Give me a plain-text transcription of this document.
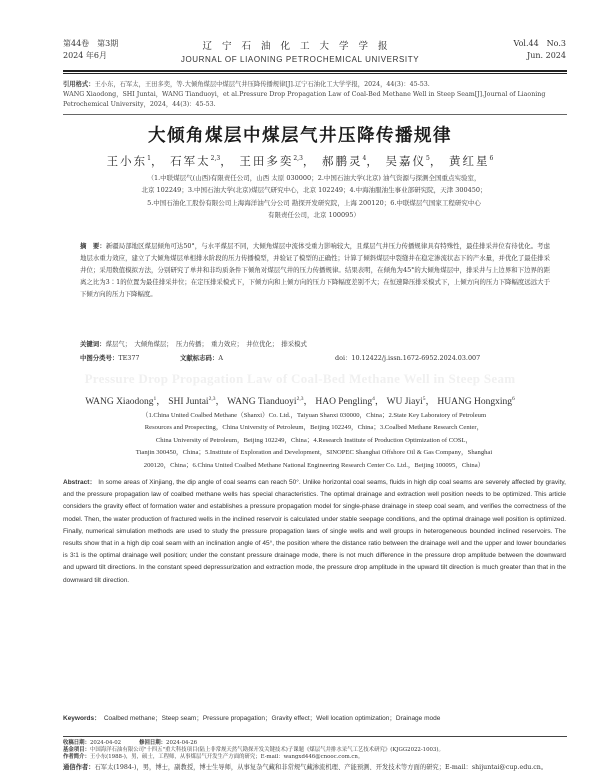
第44卷　第3期
2024 年6月
辽宁石油化工大学学报
JOURNAL OF LIAONING PETROCHEMICAL UNIVERSITY
Vol.44　No.3
Jun. 2024
引用格式：王小东，石军太，王田多奕，等.大倾角煤层中煤层气井压降传播规律[J].辽宁石油化工大学学报，2024，44(3)：45-53.
WANG Xiaodong，SHI Juntai，WANG Tianduoyi，et al.Pressure Drop Propagation Law of Coal-Bed Methane Well in Steep Seam[J].Journal of Liaoning Petrochemical University，2024，44(3)：45-53.
大倾角煤层中煤层气井压降传播规律
王小东$^1$， 石军太$^{2,3}$， 王田多奕$^{2,3}$， 郝鹏灵$^4$， 吴嘉仪$^5$， 黄红星$^6$
（1.中联煤层气(山西)有限责任公司，山西 太原 030000；2.中国石油大学(北京) 油气资源与探测全国重点实验室，
北京 102249；3.中国石油大学(北京)煤层气研究中心，北京 102249；4.中海油服油生事业部研究院，天津 300450；
5.中国石油化工股份有限公司上海海洋油气分公司 勘探开发研究院，上海 200120；6.中联煤层气国家工程研究中心
有限责任公司，北京 100095）
摘　要：新疆局部地区煤层倾角可达50°，与水平煤层不同，大倾角煤层中流体受重力影响较大，且煤层气井压力传播规律具有特殊性，最佳排采井位有待优化。考虑地层水重力效应，建立了大倾角煤层单相排水阶段的压力传播模型，并验证了模型的正确性；计算了倾斜煤层中裂缝井在稳定渗流状态下的产水量，并优化了最佳排采井位；采用数值模拟方法，分别研究了单井和非均质条件下倾角对煤层气井的压力传播规律。结果表明，在倾角为45°的大倾角煤层中，排采井与上边界和下边界的距离之比为3∶1的位置为最佳排采井位；在定压排采模式下，下倾方向和上倾方向的压力下降幅度差别不大；在恒速降压排采模式下，上倾方向的压力下降幅度远远大于下倾方向的压力下降幅度。
关键词：煤层气；　大倾角煤层；　压力传播；　重力效应；　井位优化；　排采模式
中图分类号：TE377	文献标志码：A	doi：10.12422/j.issn.1672-6952.2024.03.007
Pressure Drop Propagation Law of Coal-Bed Methane Well in Steep Seam
WANG Xiaodong$^1$， SHI Juntai$^{2,3}$， WANG Tianduoyi$^{2,3}$， HAO Pengling$^4$， WU Jiayi$^5$， HUANG Hongxing$^6$
（1.China United Coalbed Methane（Shanxi）Co. Ltd.，Taiyuan Shanxi 030000，China；2.State Key Laboratory of Petroleum
Resources and Prospecting，China University of Petroleum，Beijing 102249，China；3.Coalbed Methane Research Center，
China University of Petroleum，Beijing 102249，China；4.Research Institute of Production Optimization of COSL，
Tianjin 300450，China；5.Institute of Exploration and Development，SINOPEC Shanghai Offshore Oil & Gas Company，Shanghai
200120，China；6.China United Coalbed Methane National Engineering Research Center Co. Ltd.，Beijing 100095，China）
Abstract： In some areas of Xinjiang, the dip angle of coal seams can reach 50°. Unlike horizontal coal seams, fluids in high dip coal seams are severely affected by gravity, and the pressure propagation law of coalbed methane wells has special characteristics. The optimal drainage and extraction well position needs to be optimized. This article considers the gravity effect of formation water and establishes a pressure propagation model for single-phase drainage in steep coal seam, and verifies the correctness of the model. Then, the water production of fractured wells in the inclined reservoir is calculated under stable seepage conditions, and the optimal drainage well position is optimized. Finally, numerical simulation methods are used to study the pressure propagation laws of single wells and well groups in heterogeneous bounded inclined reservoirs. The results show that in a high dip coal seam with an inclination angle of 45°, the position where the distance ratio between the drainage well and the upper and lower boundaries is 3∶1 is the optimal drainage well position; under the constant pressure drainage mode, there is not much difference in the pressure drop amplitude between the downward and upward tilt directions. In the constant speed depressurization and extraction mode, the pressure drop amplitude in the upward tilt direction is much greater than that in the downward tilt direction.
Keywords：　 Coalbed methane；Steep seam；Pressure propagation；Gravity effect；Well location optimization；Drainage mode
收稿日期：2024-04-02	修回日期：2024-04-26
基金项目：中国海洋石油有限公司"十四五"重大科技项目(陆上非常规天然气勘探开发关键技术)子课题《煤层气井排水采气工艺技术研究》(KJGG2022-1003)。
作者简介：王小东(1988-)，男，硕士，工程师，从事煤层气开发生产方面的研究；E-mail：wangxd446@cnooc.com.cn。
通信作者：石军太(1984-)，男，博士，副教授，博士生导师，从事复杂气藏和非常规气藏渗流机理、产能预测、开发技术等方面的研究；E-mail：shijuntai@cup.edu.cn。
